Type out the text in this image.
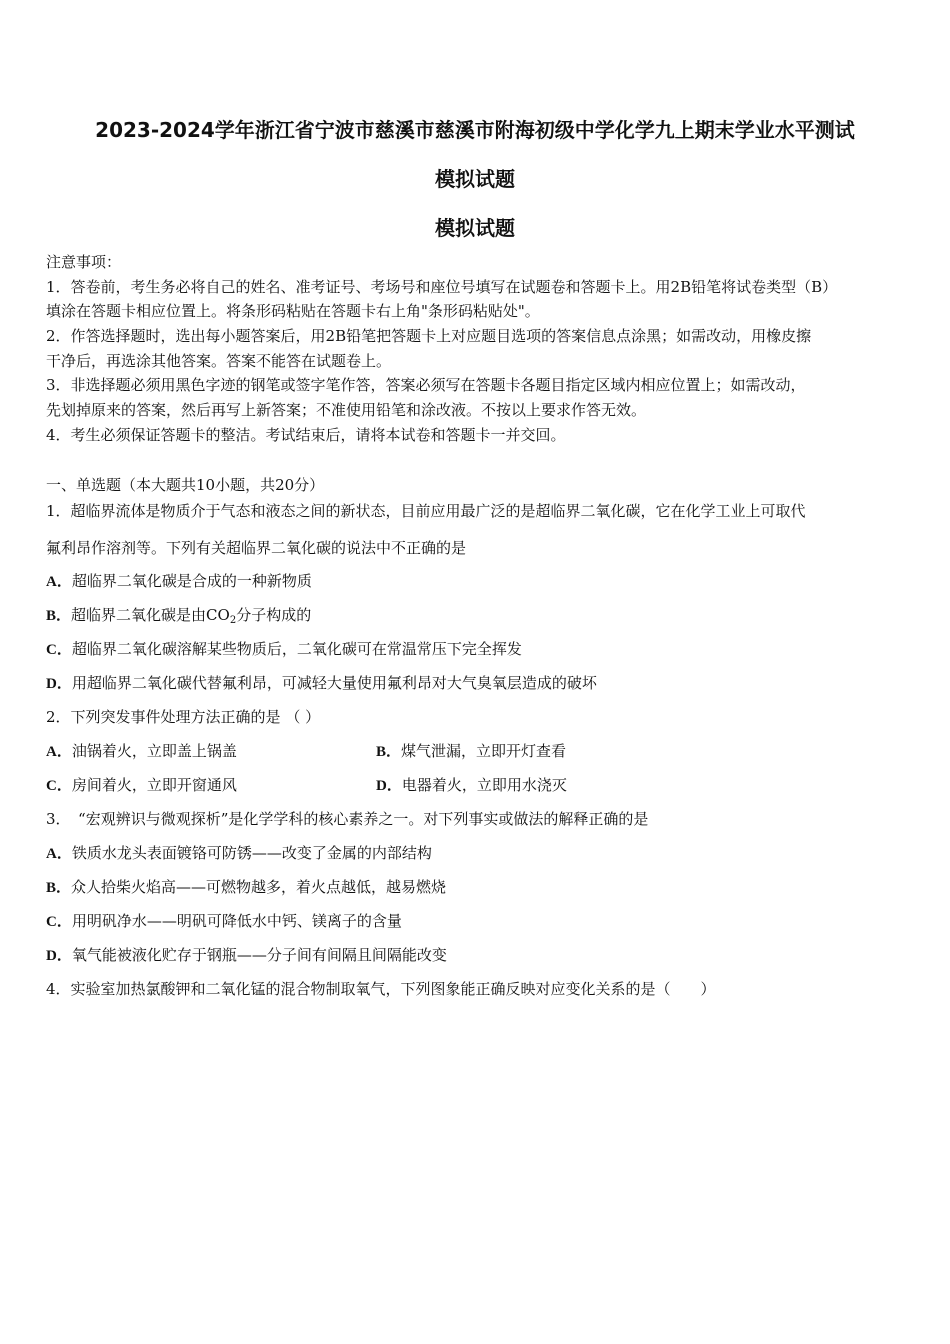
2023-2024学年浙江省宁波市慈溪市慈溪市附海初级中学化学九上期末学业水平测试
模拟试题
模拟试题
注意事项：
1．答卷前，考生务必将自己的姓名、准考证号、考场号和座位号填写在试题卷和答题卡上。用2B铅笔将试卷类型（B）
填涂在答题卡相应位置上。将条形码粘贴在答题卡右上角"条形码粘贴处"。
2．作答选择题时，选出每小题答案后，用2B铅笔把答题卡上对应题目选项的答案信息点涂黑；如需改动，用橡皮擦
干净后，再选涂其他答案。答案不能答在试题卷上。
3．非选择题必须用黑色字迹的钢笔或签字笔作答，答案必须写在答题卡各题目指定区域内相应位置上；如需改动，
先划掉原来的答案，然后再写上新答案；不准使用铅笔和涂改液。不按以上要求作答无效。
4．考生必须保证答题卡的整洁。考试结束后，请将本试卷和答题卡一并交回。
一、单选题（本大题共10小题，共20分）
1．超临界流体是物质介于气态和液态之间的新状态，目前应用最广泛的是超临界二氧化碳，它在化学工业上可取代
氟利昂作溶剂等。下列有关超临界二氧化碳的说法中不正确的是
A．超临界二氧化碳是合成的一种新物质
B．超临界二氧化碳是由$CO_2$分子构成的
C．超临界二氧化碳溶解某些物质后，二氧化碳可在常温常压下完全挥发
D．用超临界二氧化碳代替氟利昂，可减轻大量使用氟利昂对大气臭氧层造成的破坏
2．下列突发事件处理方法正确的是 （ ）
A．油锅着火，立即盖上锅盖	B．煤气泄漏，立即开灯查看
C．房间着火，立即开窗通风	D．电器着火，立即用水浇灭
3．　“宏观辨识与微观探析”是化学学科的核心素养之一。对下列事实或做法的解释正确的是
A．铁质水龙头表面镀铬可防锈——改变了金属的内部结构
B．众人拾柴火焰高——可燃物越多，着火点越低，越易燃烧
C．用明矾净水——明矾可降低水中钙、镁离子的含量
D．氧气能被液化贮存于钢瓶——分子间有间隔且间隔能改变
4．实验室加热氯酸钾和二氧化锰的混合物制取氧气，下列图象能正确反映对应变化关系的是（　　）
